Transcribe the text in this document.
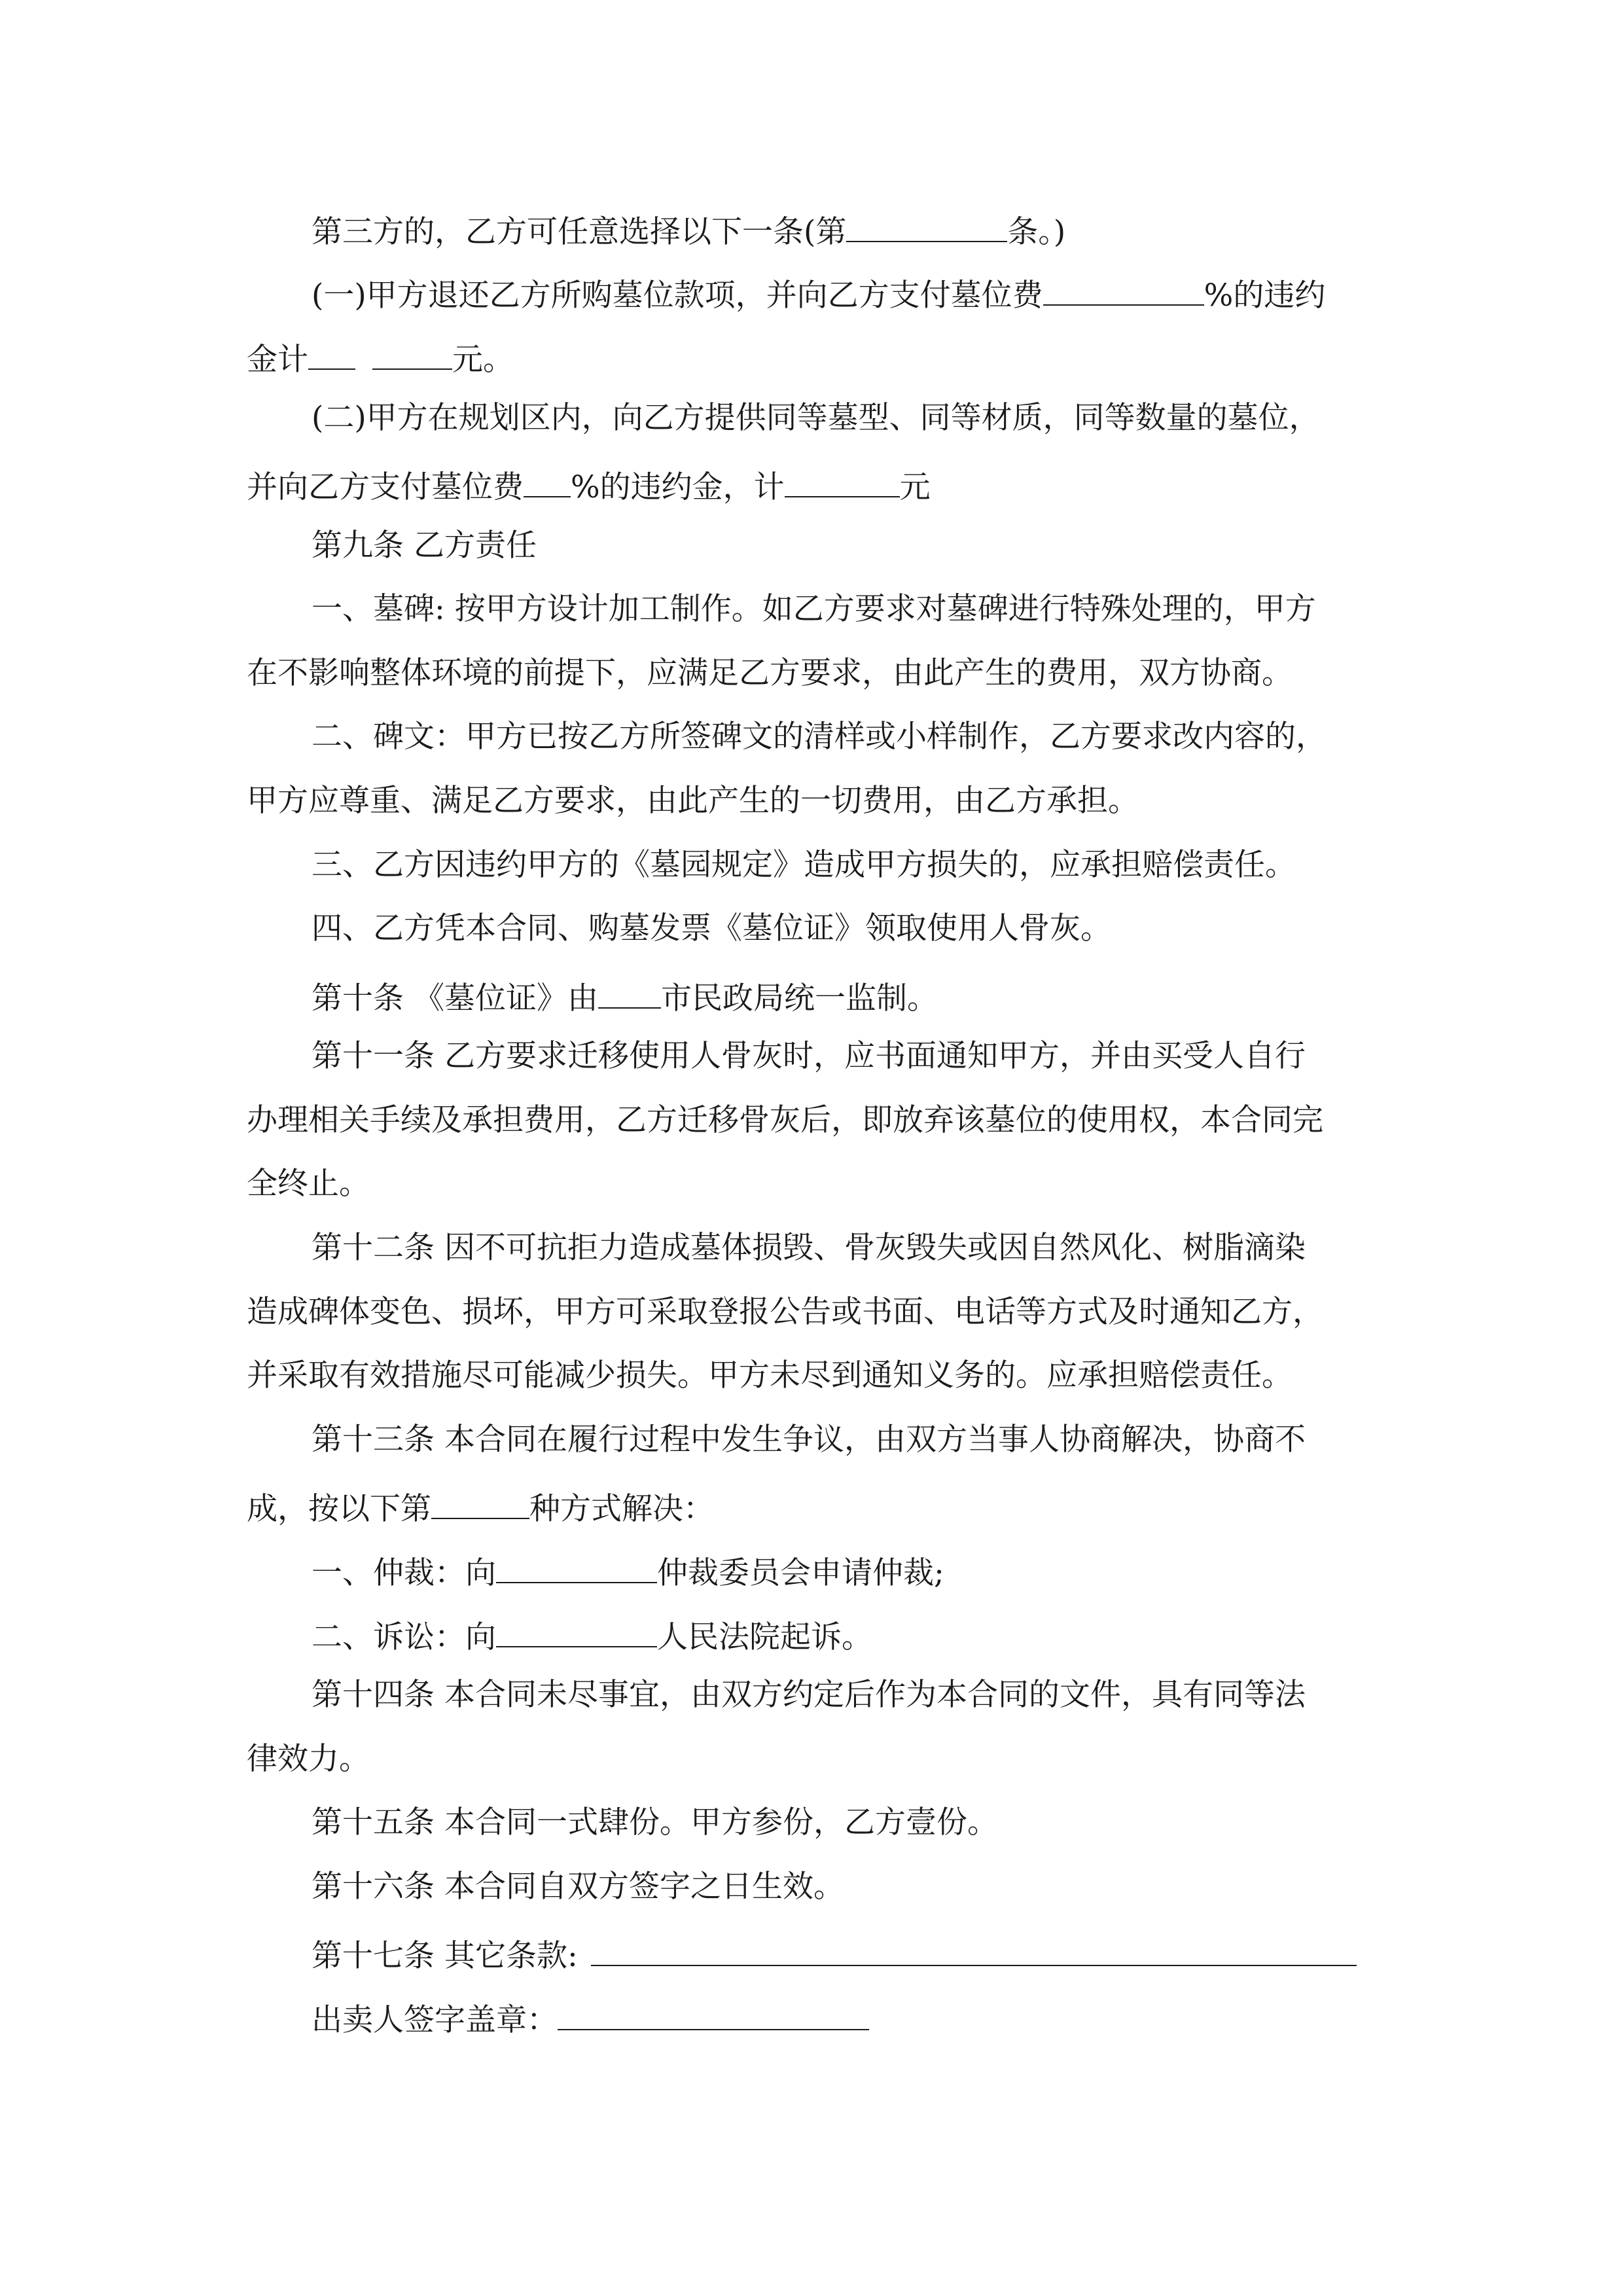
第三方的，乙方可任意选择以下一条(第	条。)
(一)甲方退还乙方所购墓位款项，并向乙方支付墓位费	%的违约
金计	元。
(二)甲方在规划区内，向乙方提供同等墓型、同等材质，同等数量的墓位，
并向乙方支付墓位费 %的违约金，计	元
第九条 乙方责任
一、墓碑: 按甲方设计加工制作。如乙方要求对墓碑进行特殊处理的，甲方
在不影响整体环境的前提下，应满足乙方要求，由此产生的费用，双方协商。
二、碑文：甲方已按乙方所签碑文的清样或小样制作，乙方要求改内容的，
甲方应尊重、满足乙方要求，由此产生的一切费用，由乙方承担。
三、乙方因违约甲方的《墓园规定》造成甲方损失的，应承担赔偿责任。
四、乙方凭本合同、购墓发票《墓位证》领取使用人骨灰。
第十条 《墓位证》由 市民政局统一监制。
第十一条 乙方要求迁移使用人骨灰时，应书面通知甲方，并由买受人自行
办理相关手续及承担费用，乙方迁移骨灰后，即放弃该墓位的使用权，本合同完
全终止。
第十二条 因不可抗拒力造成墓体损毁、骨灰毁失或因自然风化、树脂滴染
造成碑体变色、损坏，甲方可采取登报公告或书面、电话等方式及时通知乙方，
并采取有效措施尽可能减少损失。甲方未尽到通知义务的。应承担赔偿责任。
第十三条 本合同在履行过程中发生争议，由双方当事人协商解决，协商不
成，按以下第	种方式解决：
一、仲裁：向	仲裁委员会申请仲裁;
二、诉讼：向	人民法院起诉。
第十四条 本合同未尽事宜，由双方约定后作为本合同的文件，具有同等法
律效力。
第十五条 本合同一式肆份。甲方参份，乙方壹份。
第十六条 本合同自双方签字之日生效。
第十七条 其它条款:
出卖人签字盖章：
